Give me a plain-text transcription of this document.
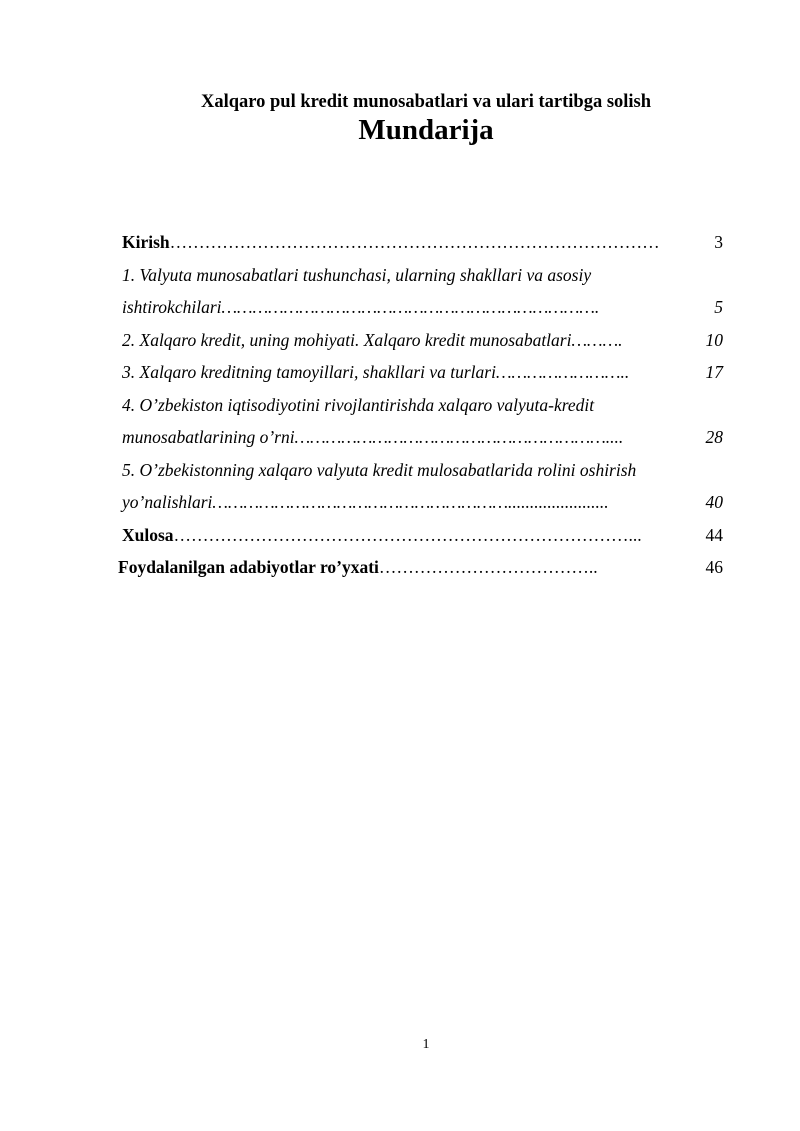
Xalqaro pul kredit munosabatlari va ulari tartibga solish
Mundarija
Kirish…………………………………………………………………………	3
1. Valyuta munosabatlari tushunchasi, ularning shakllari va asosiy
ishtirokchilari……………………………………………………………….	5
2. Xalqaro kredit, uning mohiyati. Xalqaro kredit munosabatlari……….	10
3. Xalqaro kreditning tamoyillari, shakllari va turlari……………………..	17
4. O’zbekiston iqtisodiyotini rivojlantirishda xalqaro valyuta-kredit
munosabatlarining o’rni……………………………………………………....	28
5. O’zbekistonning xalqaro valyuta kredit mulosabatlarida rolini oshirish
yo’nalishlari………………………………………………….......................	40
Xulosa……………………………………………………………………...	44
Foydalanilgan adabiyotlar ro’yxati………………………………..	46
1
